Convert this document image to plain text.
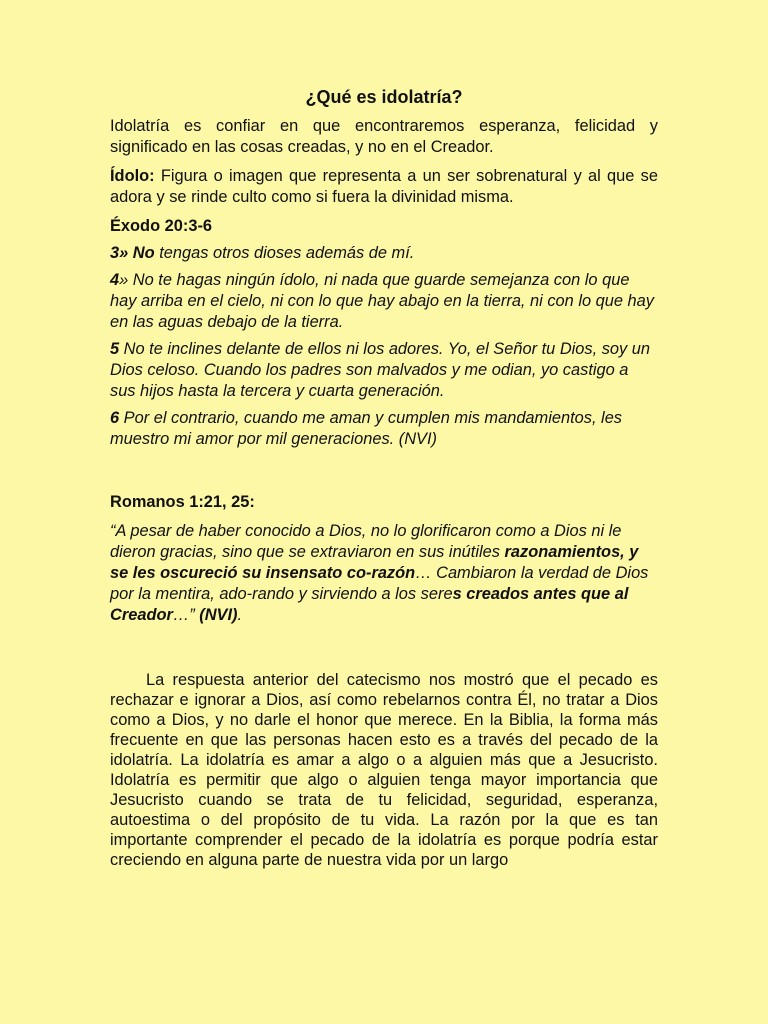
¿Qué es idolatría?

Idolatría es confiar en que encontraremos esperanza, felicidad y significado en las cosas creadas, y no en el Creador.

Ídolo: Figura o imagen que representa a un ser sobrenatural y al que se adora y se rinde culto como si fuera la divinidad misma.

Éxodo 20:3-6

3» No tengas otros dioses además de mí.

4» No te hagas ningún ídolo, ni nada que guarde semejanza con lo que hay arriba en el cielo, ni con lo que hay abajo en la tierra, ni con lo que hay en las aguas debajo de la tierra.

5 No te inclines delante de ellos ni los adores. Yo, el Señor tu Dios, soy un Dios celoso. Cuando los padres son malvados y me odian, yo castigo a sus hijos hasta la tercera y cuarta generación.

6 Por el contrario, cuando me aman y cumplen mis mandamientos, les muestro mi amor por mil generaciones. (NVI)

Romanos 1:21, 25:

“A pesar de haber conocido a Dios, no lo glorificaron como a Dios ni le dieron gracias, sino que se extraviaron en sus inútiles razonamientos, y se les oscureció su insensato co-razón… Cambiaron la verdad de Dios por la mentira, ado-rando y sirviendo a los seres creados antes que al Creador…” (NVI).

La respuesta anterior del catecismo nos mostró que el pecado es rechazar e ignorar a Dios, así como rebelarnos contra Él, no tratar a Dios como a Dios, y no darle el honor que merece. En la Biblia, la forma más frecuente en que las personas hacen esto es a través del pecado de la idolatría. La idolatría es amar a algo o a alguien más que a Jesucristo. Idolatría es permitir que algo o alguien tenga mayor importancia que Jesucristo cuando se trata de tu felicidad, seguridad, esperanza, autoestima o del propósito de tu vida. La razón por la que es tan importante comprender el pecado de la idolatría es porque podría estar creciendo en alguna parte de nuestra vida por un largo
